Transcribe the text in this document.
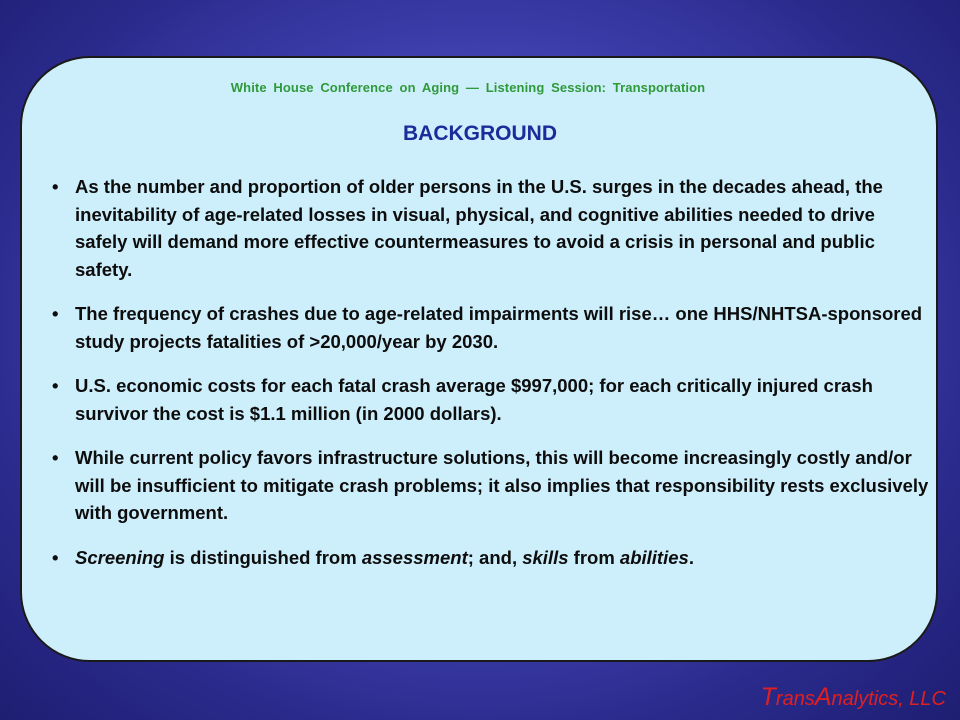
White House Conference on Aging — Listening Session: Transportation
BACKGROUND
• As the number and proportion of older persons in the U.S. surges in the decades ahead, the inevitability of age-related losses in visual, physical, and cognitive abilities needed to drive safely will demand more effective countermeasures to avoid a crisis in personal and public safety.
• The frequency of crashes due to age-related impairments will rise… one HHS/NHTSA-sponsored study projects fatalities of >20,000/year by 2030.
• U.S. economic costs for each fatal crash average $997,000; for each critically injured crash survivor the cost is $1.1 million (in 2000 dollars).
• While current policy favors infrastructure solutions, this will become increasingly costly and/or will be insufficient to mitigate crash problems; it also implies that responsibility rests exclusively with government.
• Screening is distinguished from assessment; and, skills from abilities.
TransAnalytics, LLC
